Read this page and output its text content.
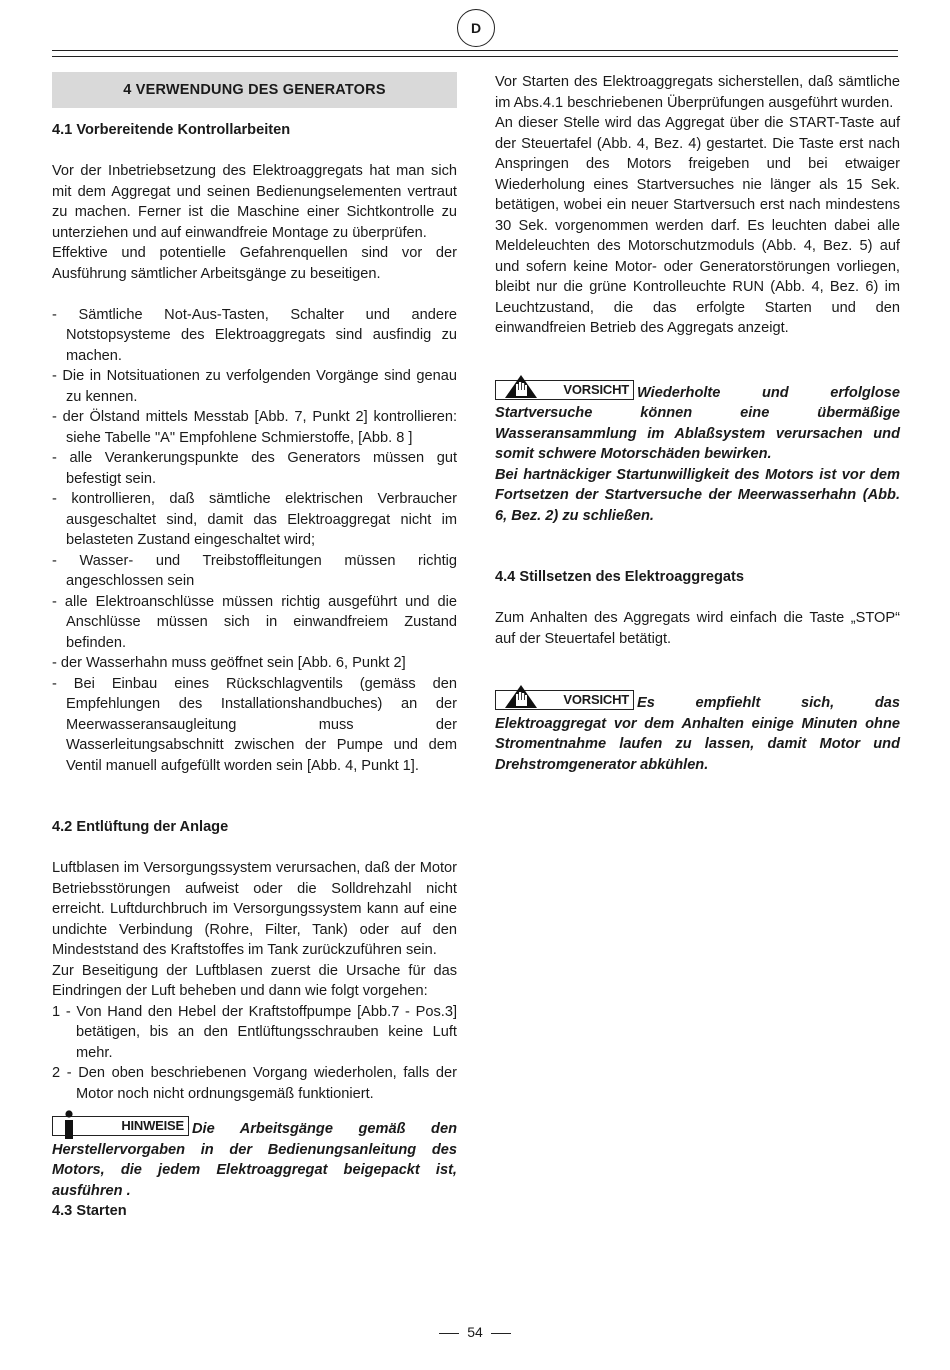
D
4 VERWENDUNG DES GENERATORS
4.1 Vorbereitende Kontrollarbeiten

Vor der Inbetriebsetzung des Elektroaggregats hat man sich mit dem Aggregat und seinen Bedienungselementen vertraut zu machen. Ferner ist die Maschine einer Sichtkontrolle zu unterziehen und auf einwandfreie Montage zu überprüfen.

Effektive und potentielle Gefahrenquellen sind vor der Ausführung sämtlicher Arbeitsgänge zu beseitigen.

- Sämtliche Not-Aus-Tasten, Schalter und andere Notstopsysteme des Elektroaggregats sind ausfindig zu machen.
- Die in Notsituationen zu verfolgenden Vorgänge sind genau zu kennen.
- der Ölstand mittels Messtab [Abb. 7, Punkt 2] kontrollieren: siehe Tabelle "A" Empfohlene Schmierstoffe, [Abb. 8 ]
- alle Verankerungspunkte des Generators müssen gut befestigt sein.
- kontrollieren, daß sämtliche elektrischen Verbraucher ausgeschaltet sind, damit das Elektroaggregat nicht im belasteten Zustand eingeschaltet wird;
- Wasser- und Treibstoffleitungen müssen richtig angeschlossen sein
- alle Elektroanschlüsse müssen richtig ausgeführt und die Anschlüsse müssen sich in einwandfreiem Zustand befinden.
- der Wasserhahn muss geöffnet sein [Abb. 6, Punkt 2]
- Bei Einbau eines Rückschlagventils (gemäss den Empfehlungen des Installationshandbuches) an der Meerwasseransaugleitung muss der Wasserleitungsabschnitt zwischen der Pumpe und dem Ventil manuell aufgefüllt worden sein [Abb. 4, Punkt 1].
4.2 Entlüftung der Anlage

Luftblasen im Versorgungssystem verursachen, daß der Motor Betriebsstörungen aufweist oder die Solldrehzahl nicht erreicht. Luftdurchbruch im Versorgungssystem kann auf eine undichte Verbindung (Rohre, Filter, Tank) oder auf den Mindeststand des Kraftstoffes im Tank zurückzuführen sein.

Zur Beseitigung der Luftblasen zuerst die Ursache für das Eindringen der Luft beheben und dann wie folgt vorgehen:

1 - Von Hand den Hebel der Kraftstoffpumpe [Abb.7 - Pos.3] betätigen, bis an den Entlüftungsschrauben keine Luft mehr.
2 - Den oben beschriebenen Vorgang wiederholen, falls der Motor noch nicht ordnungsgemäß funktioniert.
HINWEISE Die Arbeitsgänge gemäß den Herstellervorgaben in der Bedienungsanleitung des Motors, die jedem Elektroaggregat beigepackt ist, ausführen .
4.3 Starten

Vor Starten des Elektroaggregats sicherstellen, daß sämtliche im Abs.4.1 beschriebenen Überprüfungen ausgeführt wurden.

An dieser Stelle wird das Aggregat über die START-Taste auf der Steuertafel (Abb. 4, Bez. 4) gestartet. Die Taste erst nach Anspringen des Motors freigeben und bei etwaiger Wiederholung eines Startversuches nie länger als 15 Sek. betätigen, wobei ein neuer Startversuch erst nach mindestens 30 Sek. vorgenommen werden darf. Es leuchten dabei alle Meldeleuchten des Motorschutzmoduls (Abb. 4, Bez. 5) auf und sofern keine Motor- oder Generatorstörungen vorliegen, bleibt nur die grüne Kontrolleuchte RUN (Abb. 4, Bez. 6) im Leuchtzustand, die das erfolgte Starten und den einwandfreien Betrieb des Aggregats anzeigt.

VORSICHT Wiederholte und erfolglose Startversuche können eine übermäßige Wasseransammlung im Ablaßsystem verursachen und somit schwere Motorschäden bewirken.
Bei hartnäckiger Startunwilligkeit des Motors ist vor dem Fortsetzen der Startversuche der Meerwasserhahn (Abb. 6, Bez. 2) zu schließen.
4.4 Stillsetzen des Elektroaggregats

Zum Anhalten des Aggregats wird einfach die Taste „STOP“ auf der Steuertafel betätigt.

VORSICHT Es empfiehlt sich, das Elektroaggregat vor dem Anhalten einige Minuten ohne Stromentnahme laufen zu lassen, damit Motor und Drehstromgenerator abkühlen.
54
